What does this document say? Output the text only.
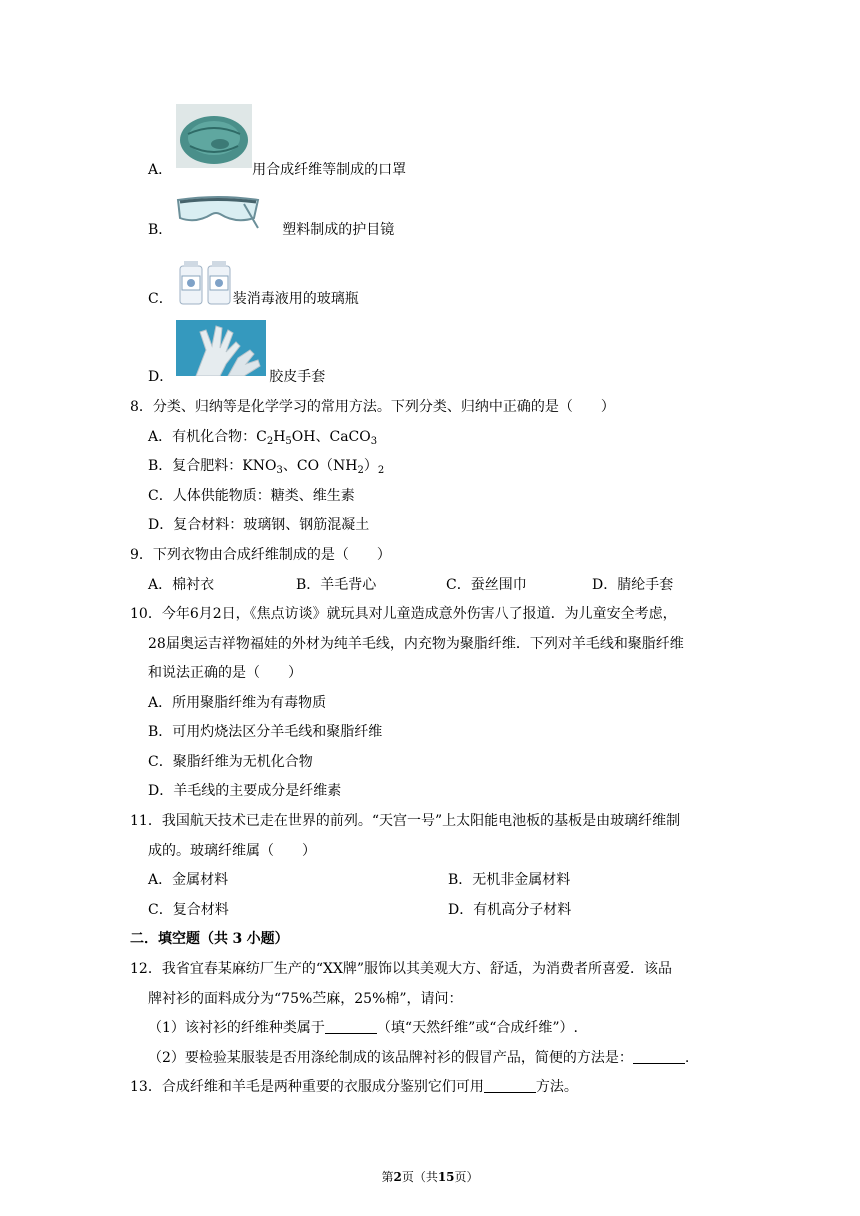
A．	用合成纤维等制成的口罩
B．	塑料制成的护目镜
C．	装消毒液用的玻璃瓶
D．	胶皮手套
8．分类、归纳等是化学学习的常用方法。下列分类、归纳中正确的是（　　）
A．有机化合物：$C_2H_5OH$、CaCO$_3$
B．复合肥料：$KNO_3$、$CO(NH_2)_2$
C．人体供能物质：糖类、维生素
D．复合材料：玻璃钢、钢筋混凝土
9．下列衣物由合成纤维制成的是（　　）
A．棉衬衣	B．羊毛背心	C．蚕丝围巾	D．腈纶手套
10．今年6月2日，《焦点访谈》就玩具对儿童造成意外伤害八了报道．为儿童安全考虑，
28届奥运吉祥物福娃的外材为纯羊毛线，内充物为聚脂纤维．下列对羊毛线和聚脂纤维
和说法正确的是（　　）
A．所用聚脂纤维为有毒物质
B．可用灼烧法区分羊毛线和聚脂纤维
C．聚脂纤维为无机化合物
D．羊毛线的主要成分是纤维素
11．我国航天技术已走在世界的前列。“天宫一号”上太阳能电池板的基板是由玻璃纤维制
成的。玻璃纤维属（　　）
A．金属材料	B．无机非金属材料
C．复合材料	D．有机高分子材料
二．填空题（共 3 小题）
12．我省宜春某麻纺厂生产的“XX牌”服饰以其美观大方、舒适，为消费者所喜爱．该品
牌衬衫的面料成分为“75%苎麻，25%棉”，请问：
（1）该衬衫的纤维种类属于	（填“天然纤维”或“合成纤维”）.
（2）要检验某服装是否用涤纶制成的该品牌衬衫的假冒产品，简便的方法是：	.
13．合成纤维和羊毛是两种重要的衣服成分鉴别它们可用	方法。
第2页（共15页）
